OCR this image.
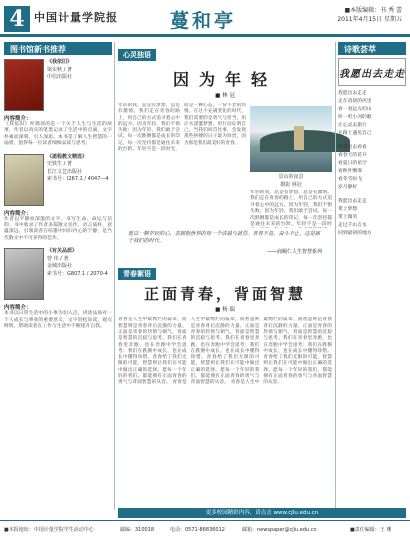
4 中国计量学院报	蔓和亭	■本版编辑：书 秀 蕾
2011年4月15日 星期五
图书馆新书推荐
《我依旧》
梁实秋 / 著
中信出版社
内容简介：
《我依旧》所描述的是一个关于人生与生活的故事，作者以真实的笔墨记录了生活中的点滴，文字朴素而深刻，引人深思。本书是了解人生智慧的一扇窗，值得每一位读者细细品读与思考。
《逝程教文精选》
史铁生 / 著
长江文艺出版社
索书号：I267.1 / 4047—4
内容简介：
作者以平静而深邃的文字，书写生命、命运与信仰。书中收录了作者多篇散文名作，语言质朴，意蕴深远，引领读者在喧嚣中回归内心的宁静，是当代散文中不可多得的佳作。
《有关品质》
曾 伟 / 著
金城出版社
索书号：G807.1 / 2070-4
内容简介：
本书以日常生活中的小事为切入点，讲述品质对一个人成长与事业的重要意义，文字轻松易读，观点鲜明，帮助读者在工作与生活中不断提升自我。
心灵独语
因为年轻
■ 林 冠
年轻的我，总是有梦想，总是有激情。我们走在青春的路上，用自己的方式追寻着心中的远方。因为年轻，我们不惧失败；因为年轻，我们敢于尝试。每一次跌倒都是成长的印记，每一次坚持都是通往未来的台阶。年轻不是一段时光，而是一种心态，一份不老的热情。在这个充满变化的时代，我们需要的是勇气与担当，用汗水浇灌梦想，用行动证明自己。当我们回首往事，会发现那些拼搏的日子最为珍贵，因为那是我们最美好的青春。
景山的夜景
摄影 林冠
年轻的我，总是有梦想，总是有激情。我们走在青春的路上，用自己的方式追寻着心中的远方。因为年轻，我们不惧失败；因为年轻，我们敢于尝试。每一次跌倒都是成长的印记，每一次坚持都是通往未来的台阶。年轻不是一段时
愿以一颗年轻的心，去拥抱世界的每一个清晨与黄昏。青春不息，奋斗不止，这是属于我们的时代。
——商顺仁人生智慧系列
青春絮语
正面青春，背面智慧
■ 杨 瑞
青春是人生中最绚烂的篇章，而智慧则是青春背后沉静的力量。正面是青春的热情与朝气，背面是智慧的沉稳与思考。我们在青春里奔跑，也在奔跑中学会思考；我们在跌倒中成长，也在成长中懂得珍惜。青春给了我们无限的可能，智慧则让我们在可能中做出正确的选择。愿每一个年轻的我们，都能拥有正面青春的勇气与背面智慧的从容。 青春是人生中最绚烂的篇章，而智慧则是青春背后沉静的力量。正面是青春的热情与朝气，背面是智慧的沉稳与思考。我们在青春里奔跑，也在奔跑中学会思考；我们在跌倒中成长，也在成长中懂得珍惜。青春给了我们无限的可能，智慧则让我们在可能中做出正确的选择。愿每一个年轻的我们，都能拥有正面青春的勇气与背面智慧的从容。 青春是人生中最绚烂的篇章，而智慧则是青春背后沉静的力量。正面是青春的热情与朝气，背面是智慧的沉稳与思考。我们在青春里奔跑，也在奔跑中学会思考；我们在跌倒中成长，也在成长中懂得珍惜。青春给了我们无限的可能，智慧则让我们在可能中做出正确的选择。愿每一个年轻的我们，都能拥有正面青春的勇气与背面智慧的从容。
诗歌荟萃
我愿出去走走
我愿出去走走
走在清晨的风里
看一看远方的山
听一听小河的歌
让心灵去旅行
在路上遇见自己
我想出去看看
看春天的花开
看夏日的星空
看秋叶飘零
看冬雪纷飞
岁月静好
我愿出去走走
带上梦想
带上微笑
走过千山万水
回到最初的地方
更多校园精彩内容，请点击 www.cjlu.edu.cn
■本报地址：中国计量学院学生活动中心	邮编：310018	电话：0571-86836012	邮箱：newspaper@cjlu.edu.cn	■责任编辑：王 珊
